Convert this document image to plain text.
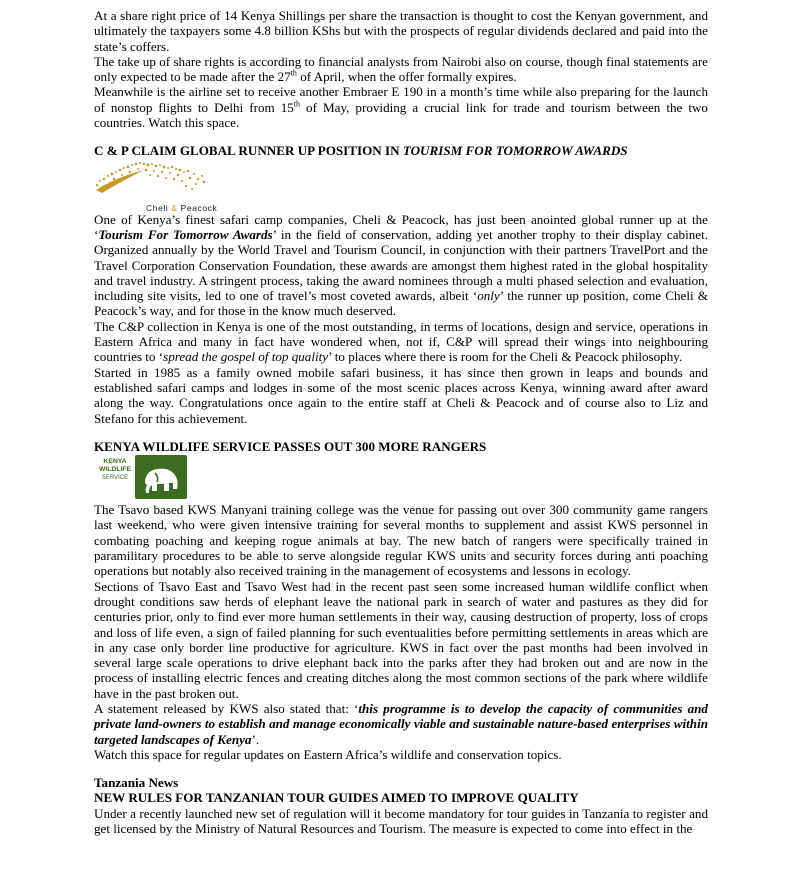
At a share right price of 14 Kenya Shillings per share the transaction is thought to cost the Kenyan government, and ultimately the taxpayers some 4.8 billion KShs but with the prospects of regular dividends declared and paid into the state’s coffers.

The take up of share rights is according to financial analysts from Nairobi also on course, though final statements are only expected to be made after the 27th of April, when the offer formally expires.

Meanwhile is the airline set to receive another Embraer E 190 in a month’s time while also preparing for the launch of nonstop flights to Delhi from 15th of May, providing a crucial link for trade and tourism between the two countries. Watch this space.

C & P CLAIM GLOBAL RUNNER UP POSITION IN TOURISM FOR TOMORROW AWARDS

Cheli & Peacock

One of Kenya’s finest safari camp companies, Cheli & Peacock, has just been anointed global runner up at the ‘Tourism For Tomorrow Awards’ in the field of conservation, adding yet another trophy to their display cabinet. Organized annually by the World Travel and Tourism Council, in conjunction with their partners TravelPort and the Travel Corporation Conservation Foundation, these awards are amongst them highest rated in the global hospitality and travel industry. A stringent process, taking the award nominees through a multi phased selection and evaluation, including site visits, led to one of travel’s most coveted awards, albeit ‘only’ the runner up position, come Cheli & Peacock’s way, and for those in the know much deserved.

The C&P collection in Kenya is one of the most outstanding, in terms of locations, design and service, operations in Eastern Africa and many in fact have wondered when, not if, C&P will spread their wings into neighbouring countries to ‘spread the gospel of top quality’ to places where there is room for the Cheli & Peacock philosophy.

Started in 1985 as a family owned mobile safari business, it has since then grown in leaps and bounds and established safari camps and lodges in some of the most scenic places across Kenya, winning award after award along the way. Congratulations once again to the entire staff at Cheli & Peacock and of course also to Liz and Stefano for this achievement.

KENYA WILDLIFE SERVICE PASSES OUT 300 MORE RANGERS

KENYA
WILDLIFE
SERVICE

The Tsavo based KWS Manyani training college was the venue for passing out over 300 community game rangers last weekend, who were given intensive training for several months to supplement and assist KWS personnel in combating poaching and keeping rogue animals at bay. The new batch of rangers were specifically trained in paramilitary procedures to be able to serve alongside regular KWS units and security forces during anti poaching operations but notably also received training in the management of ecosystems and lessons in ecology.

Sections of Tsavo East and Tsavo West had in the recent past seen some increased human wildlife conflict when drought conditions saw herds of elephant leave the national park in search of water and pastures as they did for centuries prior, only to find ever more human settlements in their way, causing destruction of property, loss of crops and loss of life even, a sign of failed planning for such eventualities before permitting settlements in areas which are in any case only border line productive for agriculture. KWS in fact over the past months had been involved in several large scale operations to drive elephant back into the parks after they had broken out and are now in the process of installing electric fences and creating ditches along the most common sections of the park where wildlife have in the past broken out.

A statement released by KWS also stated that: ‘this programme is to develop the capacity of communities and private land-owners to establish and manage economically viable and sustainable nature-based enterprises within targeted landscapes of Kenya’.

Watch this space for regular updates on Eastern Africa’s wildlife and conservation topics.

Tanzania News

NEW RULES FOR TANZANIAN TOUR GUIDES AIMED TO IMPROVE QUALITY

Under a recently launched new set of regulation will it become mandatory for tour guides in Tanzania to register and get licensed by the Ministry of Natural Resources and Tourism. The measure is expected to come into effect in the
